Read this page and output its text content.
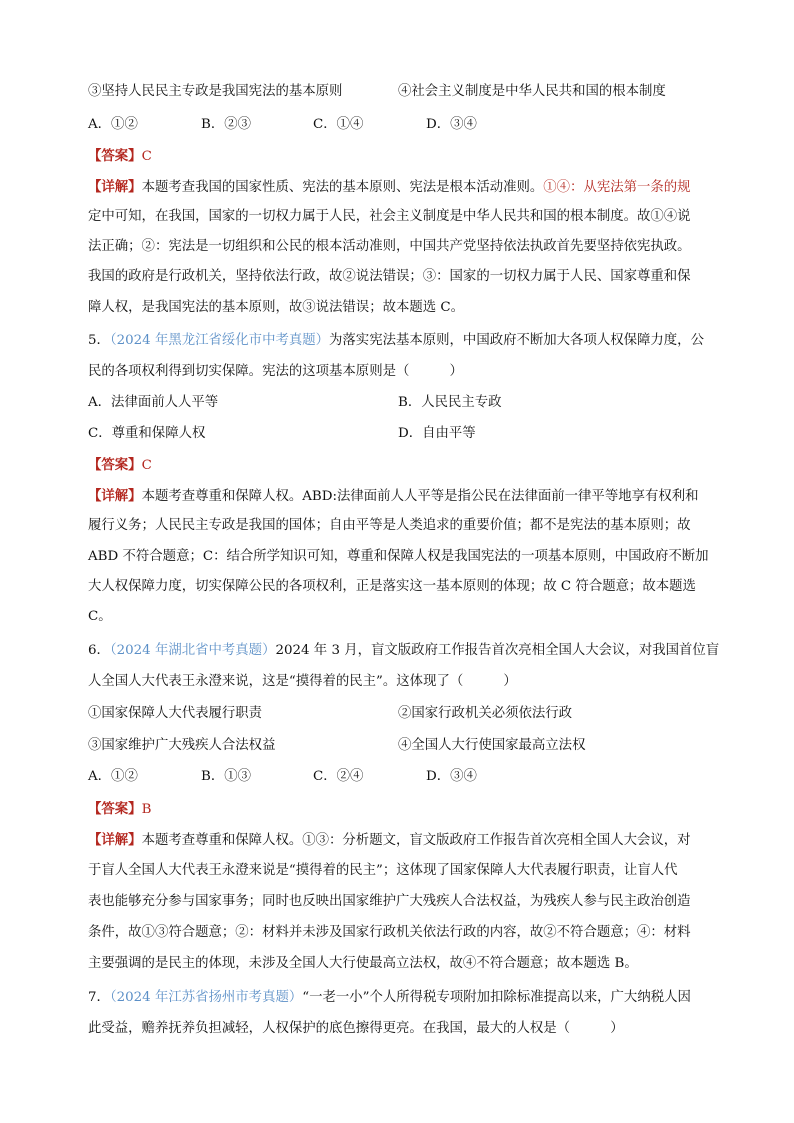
③坚持人民民主专政是我国宪法的基本原则	④社会主义制度是中华人民共和国的根本制度
A．①②	B．②③	C．①④	D．③④
【答案】C
【详解】本题考查我国的国家性质、宪法的基本原则、宪法是根本活动准则。①④：从宪法第一条的规
定中可知，在我国，国家的一切权力属于人民，社会主义制度是中华人民共和国的根本制度。故①④说
法正确；②：宪法是一切组织和公民的根本活动准则，中国共产党坚持依法执政首先要坚持依宪执政。
我国的政府是行政机关，坚持依法行政，故②说法错误；③：国家的一切权力属于人民、国家尊重和保
障人权，是我国宪法的基本原则，故③说法错误；故本题选 C。
5．（2024 年黑龙江省绥化市中考真题）为落实宪法基本原则，中国政府不断加大各项人权保障力度，公
民的各项权利得到切实保障。宪法的这项基本原则是（　　　）
A．法律面前人人平等	B．人民民主专政
C．尊重和保障人权	D．自由平等
【答案】C
【详解】本题考查尊重和保障人权。ABD:法律面前人人平等是指公民在法律面前一律平等地享有权利和
履行义务；人民民主专政是我国的国体；自由平等是人类追求的重要价值；都不是宪法的基本原则；故
ABD 不符合题意；C：结合所学知识可知，尊重和保障人权是我国宪法的一项基本原则，中国政府不断加
大人权保障力度，切实保障公民的各项权利，正是落实这一基本原则的体现；故 C 符合题意；故本题选
C。
6．（2024 年湖北省中考真题）2024 年 3 月，盲文版政府工作报告首次亮相全国人大会议，对我国首位盲
人全国人大代表王永澄来说，这是“摸得着的民主”。这体现了（　　　）
①国家保障人大代表履行职责	②国家行政机关必须依法行政
③国家维护广大残疾人合法权益	④全国人大行使国家最高立法权
A．①②	B．①③	C．②④	D．③④
【答案】B
【详解】本题考查尊重和保障人权。①③：分析题文，盲文版政府工作报告首次亮相全国人大会议，对
于盲人全国人大代表王永澄来说是“摸得着的民主”；这体现了国家保障人大代表履行职责，让盲人代
表也能够充分参与国家事务；同时也反映出国家维护广大残疾人合法权益，为残疾人参与民主政治创造
条件，故①③符合题意；②：材料并未涉及国家行政机关依法行政的内容，故②不符合题意；④：材料
主要强调的是民主的体现，未涉及全国人大行使最高立法权，故④不符合题意；故本题选 B。
7．（2024 年江苏省扬州市考真题）“一老一小”个人所得税专项附加扣除标准提高以来，广大纳税人因
此受益，赡养抚养负担减轻，人权保护的底色擦得更亮。在我国，最大的人权是（　　　）
